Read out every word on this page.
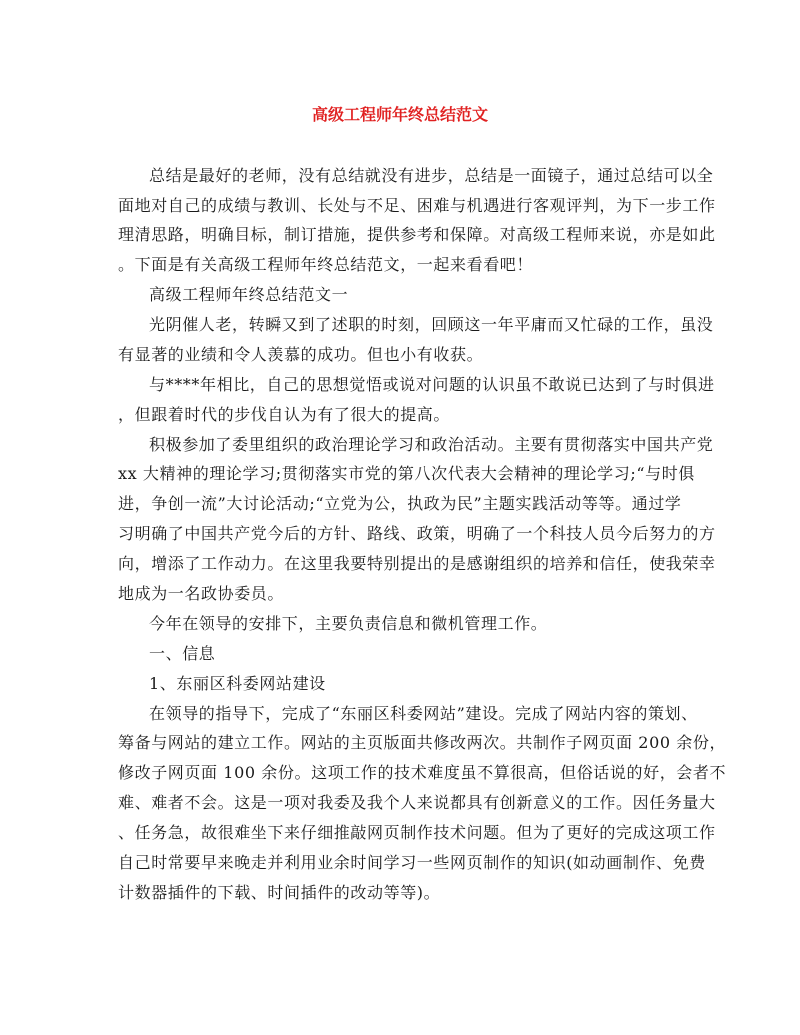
高级工程师年终总结范文
总结是最好的老师，没有总结就没有进步，总结是一面镜子，通过总结可以全
面地对自己的成绩与教训、长处与不足、困难与机遇进行客观评判，为下一步工作
理清思路，明确目标，制订措施，提供参考和保障。对高级工程师来说，亦是如此
。下面是有关高级工程师年终总结范文，一起来看看吧！
高级工程师年终总结范文一
光阴催人老，转瞬又到了述职的时刻，回顾这一年平庸而又忙碌的工作，虽没
有显著的业绩和令人羡慕的成功。但也小有收获。
与****年相比，自己的思想觉悟或说对问题的认识虽不敢说已达到了与时俱进
，但跟着时代的步伐自认为有了很大的提高。
积极参加了委里组织的政治理论学习和政治活动。主要有贯彻落实中国共产党
xx 大精神的理论学习;贯彻落实市党的第八次代表大会精神的理论学习;“与时俱
进，争创一流”大讨论活动;“立党为公，执政为民”主题实践活动等等。通过学
习明确了中国共产党今后的方针、路线、政策，明确了一个科技人员今后努力的方
向，增添了工作动力。在这里我要特别提出的是感谢组织的培养和信任，使我荣幸
地成为一名政协委员。
今年在领导的安排下，主要负责信息和微机管理工作。
一、信息
1、东丽区科委网站建设
在领导的指导下，完成了“东丽区科委网站”建设。完成了网站内容的策划、
筹备与网站的建立工作。网站的主页版面共修改两次。共制作子网页面 200 余份，
修改子网页面 100 余份。这项工作的技术难度虽不算很高，但俗话说的好，会者不
难、难者不会。这是一项对我委及我个人来说都具有创新意义的工作。因任务量大
、任务急，故很难坐下来仔细推敲网页制作技术问题。但为了更好的完成这项工作
自己时常要早来晚走并利用业余时间学习一些网页制作的知识(如动画制作、免费
计数器插件的下载、时间插件的改动等等)。
